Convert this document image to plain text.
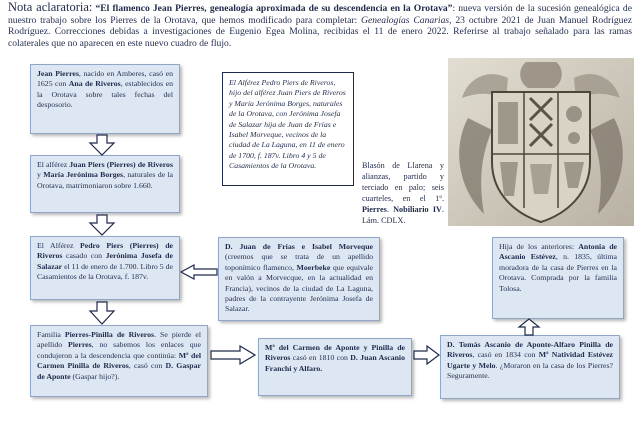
Nota aclaratoria: “El flamenco Jean Pierres, genealogía aproximada de su descendencia en la Orotava”: nueva versión de la sucesión genealógica de nuestro trabajo sobre los Pierres de la Orotava, que hemos modificado para completar: Genealogías Canarias, 23 octubre 2021 de Juan Manuel Rodríguez Rodríguez. Correcciones debidas a investigaciones de Eugenio Egea Molina, recibidas el 11 de enero 2022. Referirse al trabajo señalado para las ramas colaterales que no aparecen en este nuevo cuadro de flujo.
Jean Pierres, nacido en Amberes, casó en 1625 con Ana de Riveros, establecidos en la Orotava sobre tales fechas del desposorio.
El alférez Juan Piers (Pierres) de Riveros y María Jerónima Borges, naturales de la Orotava, matrimoniaron sobre 1.660.
El Alférez Pedro Piers (Pierres) de Riveros casado con Jerónima Josefa de Salazar el 11 de enero de 1.700. Libro 5 de Casamientos de la Orotava, f. 187v.
Familia Pierres-Pinilla de Riveros. Se pierde el apellido Pierres, no sabemos los enlaces que condujeron a la descendencia que continúa: Mª del Carmen Pinilla de Riveros, casó con D. Gaspar de Aponte (Gaspar hijo?).
El Alférez Pedro Piers de Riveros, hijo del alférez Juan Piers de Riveros y María Jerónima Borges, naturales de la Orotava, con Jerónima Josefa de Salazar hija de Juan de Frías e Isabel Morveque, vecinos de la ciudad de La Laguna, en 11 de enero de 1700, f. 187v. Libro 4 y 5 de Casamientos de la Orotava.
D. Juan de Frías e Isabel Morveque (creemos que se trata de un apellido toponímico flamenco, Moerbeke que equivale en valón a Morvecque, en la actualidad en Francia), vecinos de la ciudad de La Laguna, padres de la contrayente Jerónima Josefa de Salazar.
Mª del Carmen de Aponte y Pinilla de Riveros casó en 1810 con D. Juan Ascanio Franchi y Alfaro.
Blasón de Llarena y alianzas, partido y terciado en palo; seis cuarteles, en el 1º. Pierres. Nobiliario IV. Lám. CDLX.
Hija de los anteriores: Antonia de Ascanio Estévez, n. 1835, última moradora de la casa de Pierres en la Orotava. Comprada por la familia Tolosa.
D. Tomás Ascanio de Aponte-Alfaro Pinilla de Riveros, casó en 1834 con Mª Natividad Estévez Ugarte y Melo. ¿Moraron en la casa de los Pierres? Seguramente.
